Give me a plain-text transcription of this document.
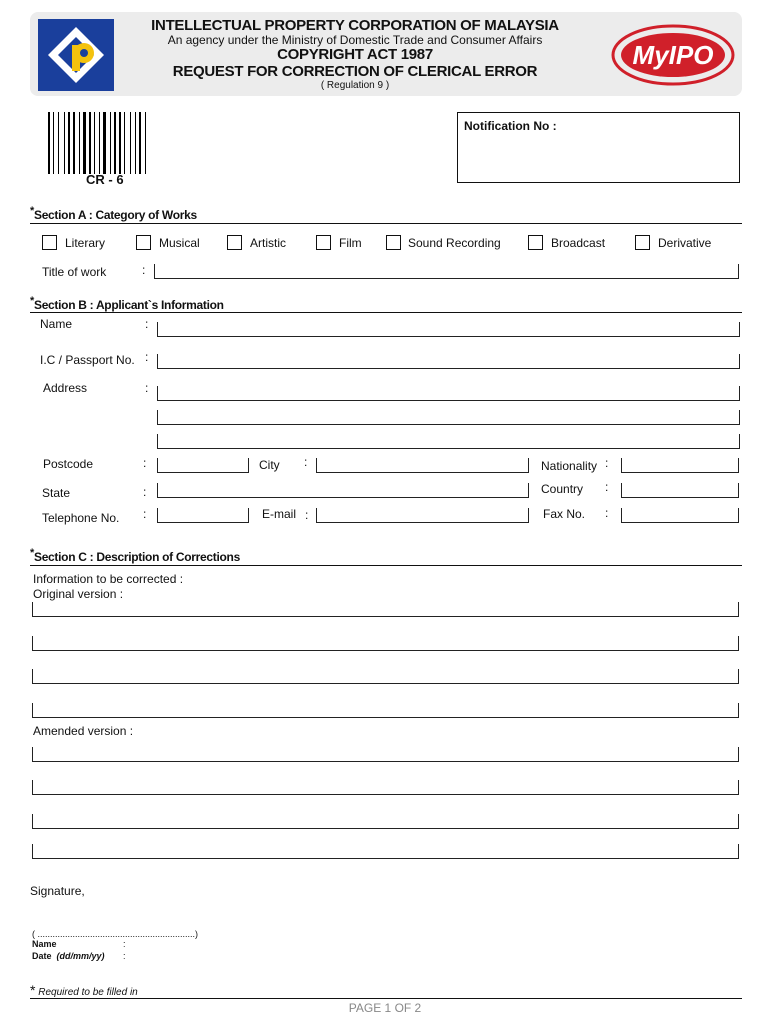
INTELLECTUAL PROPERTY CORPORATION OF MALAYSIA
An agency under the Ministry of Domestic Trade and Consumer Affairs
COPYRIGHT ACT 1987
REQUEST FOR CORRECTION OF CLERICAL ERROR
( Regulation 9 )
MyIPO
CR - 6
Notification No :
*Section A : Category of Works
Literary	Musical	Artistic	Film	Sound Recording	Broadcast	Derivative
Title of work	:
*Section B : Applicant`s Information
Name	:
I.C / Passport No. :
Address	:
Postcode	:	City :	Nationality :
State	:	Country :
Telephone No. :	E-mail :	Fax No. :
*Section C : Description of Corrections
Information to be corrected :
Original version :
Amended version :
Signature,
( ...............................................................)
Name	:
Date (dd/mm/yy) :
* Required to be filled in
PAGE 1 OF 2
